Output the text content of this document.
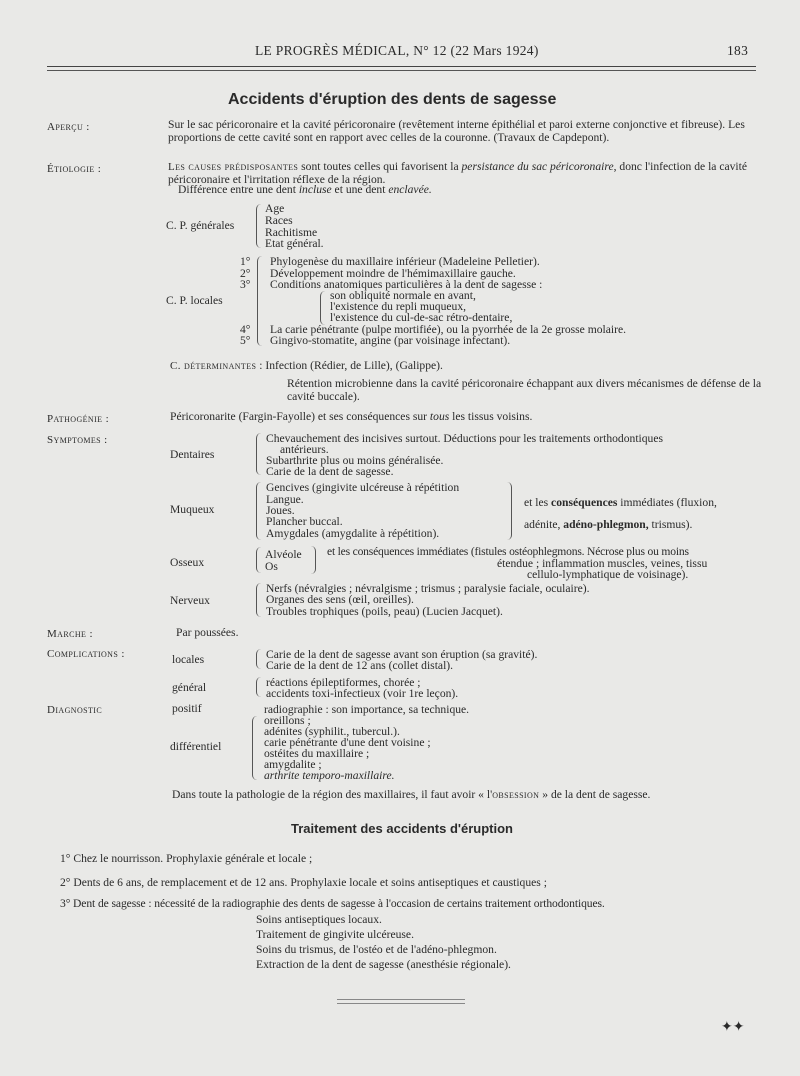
LE PROGRÈS MÉDICAL, N° 12 (22 Mars 1924)	183
Accidents d'éruption des dents de sagesse
Aperçu :	Sur le sac péricoronaire et la cavité péricoronaire (revêtement interne épithélial et paroi externe conjonctive et fibreuse). Les proportions de cette cavité sont en rapport avec celles de la couronne. (Travaux de Capdepont).
Étiologie :	Les causes prédisposantes sont toutes celles qui favorisent la persistance du sac péricoronaire, donc l'infection de la cavité péricoronaire et l'irritation réflexe de la région.
Différence entre une dent incluse et une dent enclavée.
C. P. générales
Age
Races
Rachitisme
Etat général.
C. P. locales
1° Phylogenèse du maxillaire inférieur (Madeleine Pelletier).
2° Développement moindre de l'hémimaxillaire gauche.
3° Conditions anatomiques particulières à la dent de sagesse :
son obliquité normale en avant,
l'existence du repli muqueux,
l'existence du cul-de-sac rétro-dentaire,
4° La carie pénétrante (pulpe mortifiée), ou la pyorrhée de la 2e grosse molaire.
5° Gingivo-stomatite, angine (par voisinage infectant).
C. déterminantes : Infection (Rédier, de Lille), (Galippe).
Rétention microbienne dans la cavité péricoronaire échappant aux divers mécanismes de défense de la cavité buccale).
Pathogénie :	Péricoronarite (Fargin-Fayolle) et ses conséquences sur tous les tissus voisins.
Symptomes :
Dentaires
Chevauchement des incisives surtout. Déductions pour les traitements orthodontiques
antérieurs.
Subarthrite plus ou moins généralisée.
Carie de la dent de sagesse.
Muqueux
Gencives (gingivite ulcéreuse à répétition
Langue.
Joues.
Plancher buccal.
Amygdales (amygdalite à répétition).
et les conséquences immédiates (fluxion,
adénite, adéno-phlegmon, trismus).
Osseux
Alvéole
Os
et les conséquences immédiates (fistules ostéophlegmons. Nécrose plus ou moins
étendue ; inflammation muscles, veines, tissu
cellulo-lymphatique de voisinage).
Nerveux
Nerfs (névralgies ; névralgisme ; trismus ; paralysie faciale, oculaire).
Organes des sens (œil, oreilles).
Troubles trophiques (poils, peau) (Lucien Jacquet).
Marche :	Par poussées.
Complications :	locales	Carie de la dent de sagesse avant son éruption (sa gravité).
Carie de la dent de 12 ans (collet distal).
général	réactions épileptiformes, chorée ;
accidents toxi-infectieux (voir 1re leçon).
Diagnostic	positif	radiographie : son importance, sa technique.
différentiel
oreillons ;
adénites (syphilit., tubercul.).
carie pénétrante d'une dent voisine ;
ostéites du maxillaire ;
amygdalite ;
arthrite temporo-maxillaire.
Dans toute la pathologie de la région des maxillaires, il faut avoir « l'obsession » de la dent de sagesse.
Traitement des accidents d'éruption
1° Chez le nourrisson. Prophylaxie générale et locale ;
2° Dents de 6 ans, de remplacement et de 12 ans. Prophylaxie locale et soins antiseptiques et caustiques ;
3° Dent de sagesse : nécessité de la radiographie des dents de sagesse à l'occasion de certains traitement orthodontiques.
Soins antiseptiques locaux.
Traitement de gingivite ulcéreuse.
Soins du trismus, de l'ostéo et de l'adéno-phlegmon.
Extraction de la dent de sagesse (anesthésie régionale).
✦✦
